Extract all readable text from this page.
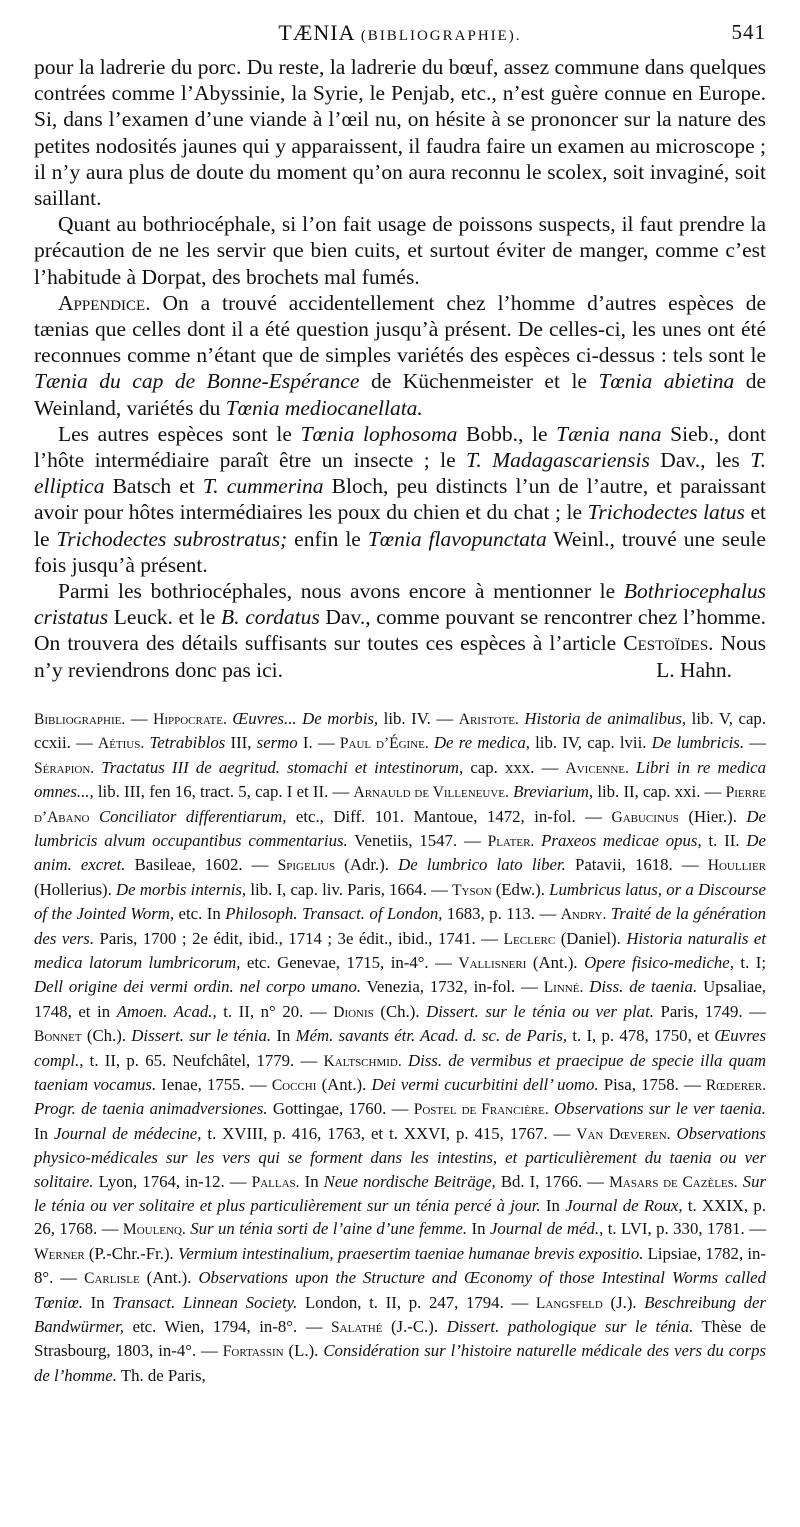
TÆNIA (BIBLIOGRAPHIE).	541

pour la ladrerie du porc. Du reste, la ladrerie du bœuf, assez commune dans quelques contrées comme l’Abyssinie, la Syrie, le Penjab, etc., n’est guère connue en Europe. Si, dans l’examen d’une viande à l’œil nu, on hésite à se prononcer sur la nature des petites nodosités jaunes qui y apparaissent, il faudra faire un examen au microscope ; il n’y aura plus de doute du moment qu’on aura reconnu le scolex, soit invaginé, soit saillant.

Quant au bothriocéphale, si l’on fait usage de poissons suspects, il faut prendre la précaution de ne les servir que bien cuits, et surtout éviter de manger, comme c’est l’habitude à Dorpat, des brochets mal fumés.

Appendice. On a trouvé accidentellement chez l’homme d’autres espèces de tænias que celles dont il a été question jusqu’à présent. De celles-ci, les unes ont été reconnues comme n’étant que de simples variétés des espèces ci-dessus : tels sont le Tænia du cap de Bonne-Espérance de Küchenmeister et le Tœnia abietina de Weinland, variétés du Tœnia mediocanellata.

Les autres espèces sont le Tœnia lophosoma Bobb., le Tænia nana Sieb., dont l’hôte intermédiaire paraît être un insecte ; le T. Madagascariensis Dav., les T. elliptica Batsch et T. cummerina Bloch, peu distincts l’un de l’autre, et paraissant avoir pour hôtes intermédiaires les poux du chien et du chat ; le Trichodectes latus et le Trichodectes subrostratus; enfin le Tœnia flavopunctata Weinl., trouvé une seule fois jusqu’à présent.

Parmi les bothriocéphales, nous avons encore à mentionner le Bothriocephalus cristatus Leuck. et le B. cordatus Dav., comme pouvant se rencontrer chez l’homme. On trouvera des détails suffisants sur toutes ces espèces à l’article Cestoïdes. Nous n’y reviendrons donc pas ici.	L. Hahn.

Bibliographie. — Hippocrate. Œuvres... De morbis, lib. IV. — Aristote. Historia de animalibus, lib. V, cap. ccxii. — Aétius. Tetrabiblos III, sermo I. — Paul d’Égine. De re medica, lib. IV, cap. lvii. De lumbricis. — Sérapion. Tractatus III de aegritud. stomachi et intestinorum, cap. xxx. — Avicenne. Libri in re medica omnes..., lib. III, fen 16, tract. 5, cap. I et II. — Arnauld de Villeneuve. Breviarium, lib. II, cap. xxi. — Pierre d’Abano Conciliator differentiarum, etc., Diff. 101. Mantoue, 1472, in-fol. — Gabucinus (Hier.). De lumbricis alvum occupantibus commentarius. Venetiis, 1547. — Plater. Praxeos medicae opus, t. II. De anim. excret. Basileae, 1602. — Spigelius (Adr.). De lumbrico lato liber. Patavii, 1618. — Houllier (Hollerius). De morbis internis, lib. I, cap. liv. Paris, 1664. — Tyson (Edw.). Lumbricus latus, or a Discourse of the Jointed Worm, etc. In Philosoph. Transact. of London, 1683, p. 113. — Andry. Traité de la génération des vers. Paris, 1700 ; 2e édit, ibid., 1714 ; 3e édit., ibid., 1741. — Leclerc (Daniel). Historia naturalis et medica latorum lumbricorum, etc. Genevae, 1715, in-4°. — Vallisneri (Ant.). Opere fisico-mediche, t. I; Dell origine dei vermi ordin. nel corpo umano. Venezia, 1732, in-fol. — Linné. Diss. de taenia. Upsaliae, 1748, et in Amoen. Acad., t. II, n° 20. — Dionis (Ch.). Dissert. sur le ténia ou ver plat. Paris, 1749. — Bonnet (Ch.). Dissert. sur le ténia. In Mém. savants étr. Acad. d. sc. de Paris, t. I, p. 478, 1750, et Œuvres compl., t. II, p. 65. Neufchâtel, 1779. — Kaltschmid. Diss. de vermibus et praecipue de specie illa quam taeniam vocamus. Ienae, 1755. — Cocchi (Ant.). Dei vermi cucurbitini dell’ uomo. Pisa, 1758. — Rœderer. Progr. de taenia animadversiones. Gottingae, 1760. — Postel de Francière. Observations sur le ver taenia. In Journal de médecine, t. XVIII, p. 416, 1763, et t. XXVI, p. 415, 1767. — Van Dœveren. Observations physico-médicales sur les vers qui se forment dans les intestins, et particulièrement du taenia ou ver solitaire. Lyon, 1764, in-12. — Pallas. In Neue nordische Beiträge, Bd. I, 1766. — Masars de Cazèles. Sur le ténia ou ver solitaire et plus particulièrement sur un ténia percé à jour. In Journal de Roux, t. XXIX, p. 26, 1768. — Moulenq. Sur un ténia sorti de l’aine d’une femme. In Journal de méd., t. LVI, p. 330, 1781. — Werner (P.-Chr.-Fr.). Vermium intestinalium, praesertim taeniae humanae brevis expositio. Lipsiae, 1782, in-8°. — Carlisle (Ant.). Observations upon the Structure and Œconomy of those Intestinal Worms called Tœniœ. In Transact. Linnean Society. London, t. II, p. 247, 1794. — Langsfeld (J.). Beschreibung der Bandwürmer, etc. Wien, 1794, in-8°. — Salathé (J.-C.). Dissert. pathologique sur le ténia. Thèse de Strasbourg, 1803, in-4°. — Fortassin (L.). Considération sur l’histoire naturelle médicale des vers du corps de l’homme. Th. de Paris,
